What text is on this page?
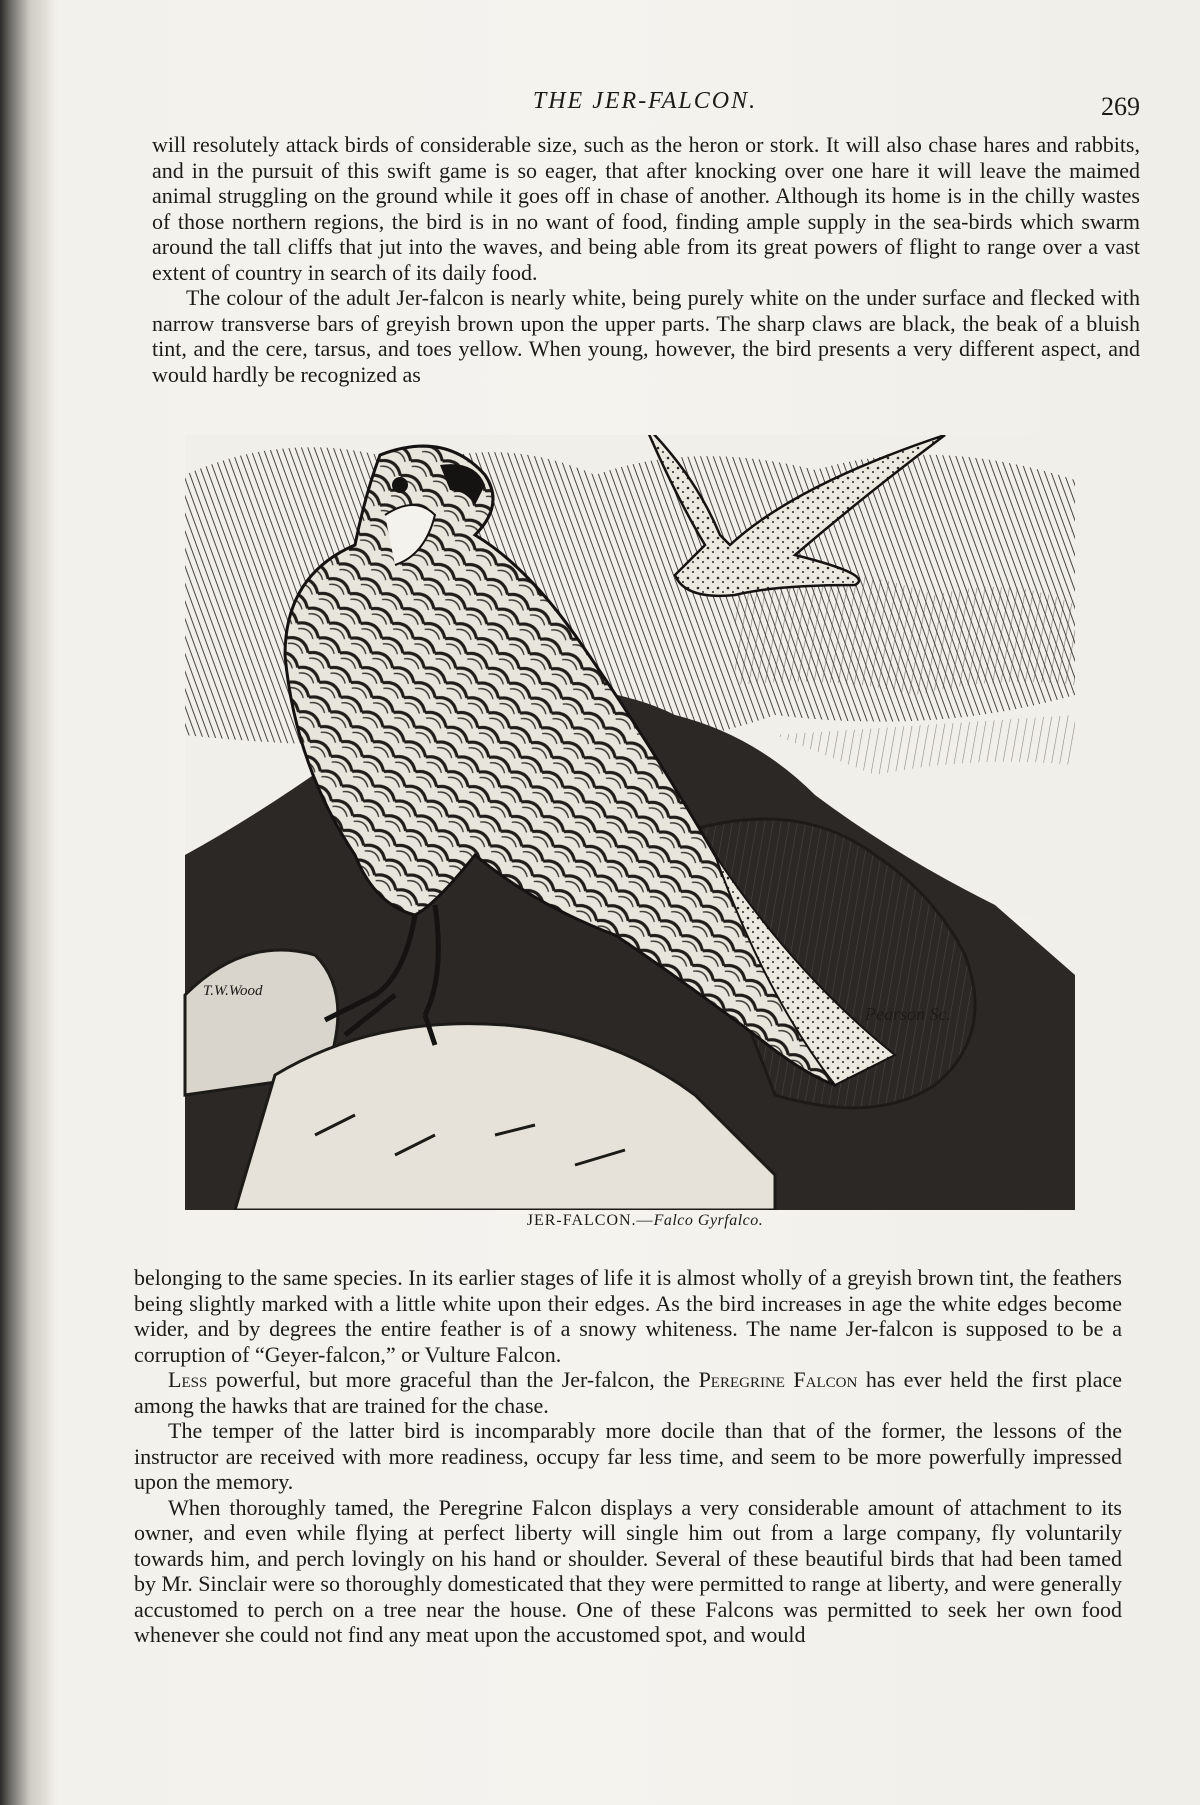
THE JER-FALCON.	269

will resolutely attack birds of considerable size, such as the heron or stork. It will also chase hares and rabbits, and in the pursuit of this swift game is so eager, that after knocking over one hare it will leave the maimed animal struggling on the ground while it goes off in chase of another. Although its home is in the chilly wastes of those northern regions, the bird is in no want of food, finding ample supply in the sea-birds which swarm around the tall cliffs that jut into the waves, and being able from its great powers of flight to range over a vast extent of country in search of its daily food.

The colour of the adult Jer-falcon is nearly white, being purely white on the under surface and flecked with narrow transverse bars of greyish brown upon the upper parts. The sharp claws are black, the beak of a bluish tint, and the cere, tarsus, and toes yellow. When young, however, the bird presents a very different aspect, and would hardly be recognized as

T.W.Wood
Pearson Sc.
JER-FALCON.—Falco Gyrfalco.

belonging to the same species. In its earlier stages of life it is almost wholly of a greyish brown tint, the feathers being slightly marked with a little white upon their edges. As the bird increases in age the white edges become wider, and by degrees the entire feather is of a snowy whiteness. The name Jer-falcon is supposed to be a corruption of “Geyer-falcon,” or Vulture Falcon.

Less powerful, but more graceful than the Jer-falcon, the Peregrine Falcon has ever held the first place among the hawks that are trained for the chase.

The temper of the latter bird is incomparably more docile than that of the former, the lessons of the instructor are received with more readiness, occupy far less time, and seem to be more powerfully impressed upon the memory.

When thoroughly tamed, the Peregrine Falcon displays a very considerable amount of attachment to its owner, and even while flying at perfect liberty will single him out from a large company, fly voluntarily towards him, and perch lovingly on his hand or shoulder. Several of these beautiful birds that had been tamed by Mr. Sinclair were so thoroughly domesticated that they were permitted to range at liberty, and were generally accustomed to perch on a tree near the house. One of these Falcons was permitted to seek her own food whenever she could not find any meat upon the accustomed spot, and would
